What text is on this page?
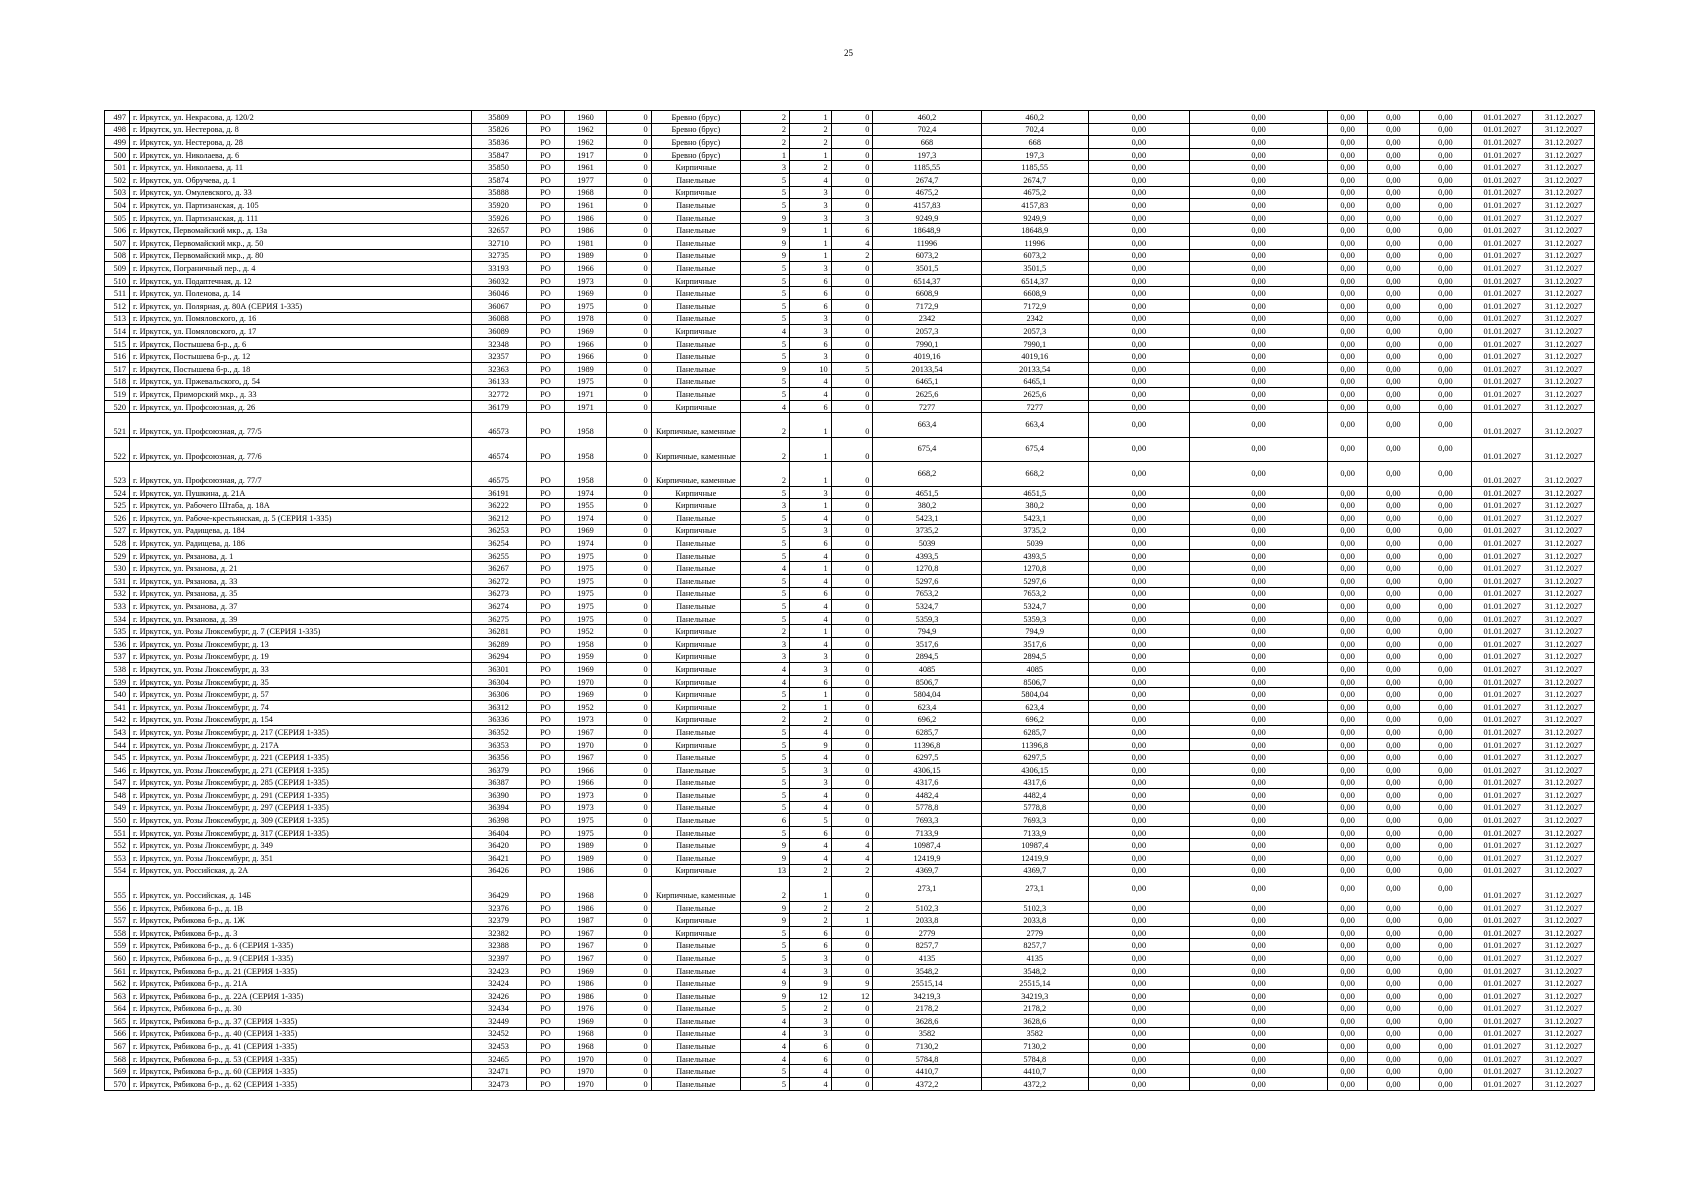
25
497	г. Иркутск, ул. Некрасова, д. 120/2	35809	РО	1960	0	Бревно (брус)	2	1	0	460,2	460,2	0,00	0,00	0,00	0,00	0,00	01.01.2027	31.12.2027
498	г. Иркутск, ул. Нестерова, д. 8	35826	РО	1962	0	Бревно (брус)	2	2	0	702,4	702,4	0,00	0,00	0,00	0,00	0,00	01.01.2027	31.12.2027
499	г. Иркутск, ул. Нестерова, д. 28	35836	РО	1962	0	Бревно (брус)	2	2	0	668	668	0,00	0,00	0,00	0,00	0,00	01.01.2027	31.12.2027
500	г. Иркутск, ул. Николаева, д. 6	35847	РО	1917	0	Бревно (брус)	1	1	0	197,3	197,3	0,00	0,00	0,00	0,00	0,00	01.01.2027	31.12.2027
501	г. Иркутск, ул. Николаева, д. 11	35850	РО	1961	0	Кирпичные	3	2	0	1185,55	1185,55	0,00	0,00	0,00	0,00	0,00	01.01.2027	31.12.2027
502	г. Иркутск, ул. Обручева, д. 1	35874	РО	1977	0	Панельные	5	4	0	2674,7	2674,7	0,00	0,00	0,00	0,00	0,00	01.01.2027	31.12.2027
503	г. Иркутск, ул. Омулевского, д. 33	35888	РО	1968	0	Кирпичные	5	3	0	4675,2	4675,2	0,00	0,00	0,00	0,00	0,00	01.01.2027	31.12.2027
504	г. Иркутск, ул. Партизанская, д. 105	35920	РО	1961	0	Панельные	5	3	0	4157,83	4157,83	0,00	0,00	0,00	0,00	0,00	01.01.2027	31.12.2027
505	г. Иркутск, ул. Партизанская, д. 111	35926	РО	1986	0	Панельные	9	3	3	9249,9	9249,9	0,00	0,00	0,00	0,00	0,00	01.01.2027	31.12.2027
506	г. Иркутск, Первомайский мкр., д. 13а	32657	РО	1986	0	Панельные	9	1	6	18648,9	18648,9	0,00	0,00	0,00	0,00	0,00	01.01.2027	31.12.2027
507	г. Иркутск, Первомайский мкр., д. 50	32710	РО	1981	0	Панельные	9	1	4	11996	11996	0,00	0,00	0,00	0,00	0,00	01.01.2027	31.12.2027
508	г. Иркутск, Первомайский мкр., д. 80	32735	РО	1989	0	Панельные	9	1	2	6073,2	6073,2	0,00	0,00	0,00	0,00	0,00	01.01.2027	31.12.2027
509	г. Иркутск, Пограничный пер., д. 4	33193	РО	1966	0	Панельные	5	3	0	3501,5	3501,5	0,00	0,00	0,00	0,00	0,00	01.01.2027	31.12.2027
510	г. Иркутск, ул. Подаптечная, д. 12	36032	РО	1973	0	Кирпичные	5	6	0	6514,37	6514,37	0,00	0,00	0,00	0,00	0,00	01.01.2027	31.12.2027
511	г. Иркутск, ул. Поленова, д. 14	36046	РО	1969	0	Панельные	5	6	0	6608,9	6608,9	0,00	0,00	0,00	0,00	0,00	01.01.2027	31.12.2027
512	г. Иркутск, ул. Полярная, д. 80А (СЕРИЯ 1-335)	36067	РО	1975	0	Панельные	5	6	0	7172,9	7172,9	0,00	0,00	0,00	0,00	0,00	01.01.2027	31.12.2027
513	г. Иркутск, ул. Помяловского, д. 16	36088	РО	1978	0	Панельные	5	3	0	2342	2342	0,00	0,00	0,00	0,00	0,00	01.01.2027	31.12.2027
514	г. Иркутск, ул. Помяловского, д. 17	36089	РО	1969	0	Кирпичные	4	3	0	2057,3	2057,3	0,00	0,00	0,00	0,00	0,00	01.01.2027	31.12.2027
515	г. Иркутск, Постышева б-р., д. 6	32348	РО	1966	0	Панельные	5	6	0	7990,1	7990,1	0,00	0,00	0,00	0,00	0,00	01.01.2027	31.12.2027
516	г. Иркутск, Постышева б-р., д. 12	32357	РО	1966	0	Панельные	5	3	0	4019,16	4019,16	0,00	0,00	0,00	0,00	0,00	01.01.2027	31.12.2027
517	г. Иркутск, Постышева б-р., д. 18	32363	РО	1989	0	Панельные	9	10	5	20133,54	20133,54	0,00	0,00	0,00	0,00	0,00	01.01.2027	31.12.2027
518	г. Иркутск, ул. Пржевальского, д. 54	36133	РО	1975	0	Панельные	5	4	0	6465,1	6465,1	0,00	0,00	0,00	0,00	0,00	01.01.2027	31.12.2027
519	г. Иркутск, Приморский мкр., д. 33	32772	РО	1971	0	Панельные	5	4	0	2625,6	2625,6	0,00	0,00	0,00	0,00	0,00	01.01.2027	31.12.2027
520	г. Иркутск, ул. Профсоюзная, д. 26	36179	РО	1971	0	Кирпичные	4	6	0	7277	7277	0,00	0,00	0,00	0,00	0,00	01.01.2027	31.12.2027
521	г. Иркутск, ул. Профсоюзная, д. 77/5	46573	РО	1958	0	Кирпичные, каменные	2	1	0	663,4	663,4	0,00	0,00	0,00	0,00	0,00	01.01.2027	31.12.2027
522	г. Иркутск, ул. Профсоюзная, д. 77/6	46574	РО	1958	0	Кирпичные, каменные	2	1	0	675,4	675,4	0,00	0,00	0,00	0,00	0,00	01.01.2027	31.12.2027
523	г. Иркутск, ул. Профсоюзная, д. 77/7	46575	РО	1958	0	Кирпичные, каменные	2	1	0	668,2	668,2	0,00	0,00	0,00	0,00	0,00	01.01.2027	31.12.2027
524	г. Иркутск, ул. Пушкина, д. 21А	36191	РО	1974	0	Кирпичные	5	3	0	4651,5	4651,5	0,00	0,00	0,00	0,00	0,00	01.01.2027	31.12.2027
525	г. Иркутск, ул. Рабочего Штаба, д. 18А	36222	РО	1955	0	Кирпичные	3	1	0	380,2	380,2	0,00	0,00	0,00	0,00	0,00	01.01.2027	31.12.2027
526	г. Иркутск, ул. Рабоче-крестьянская, д. 5 (СЕРИЯ 1-335)	36212	РО	1974	0	Панельные	5	4	0	5423,1	5423,1	0,00	0,00	0,00	0,00	0,00	01.01.2027	31.12.2027
527	г. Иркутск, ул. Радищева, д. 184	36253	РО	1969	0	Кирпичные	5	3	0	3735,2	3735,2	0,00	0,00	0,00	0,00	0,00	01.01.2027	31.12.2027
528	г. Иркутск, ул. Радищева, д. 186	36254	РО	1974	0	Панельные	5	6	0	5039	5039	0,00	0,00	0,00	0,00	0,00	01.01.2027	31.12.2027
529	г. Иркутск, ул. Рязанова, д. 1	36255	РО	1975	0	Панельные	5	4	0	4393,5	4393,5	0,00	0,00	0,00	0,00	0,00	01.01.2027	31.12.2027
530	г. Иркутск, ул. Рязанова, д. 21	36267	РО	1975	0	Панельные	4	1	0	1270,8	1270,8	0,00	0,00	0,00	0,00	0,00	01.01.2027	31.12.2027
531	г. Иркутск, ул. Рязанова, д. 33	36272	РО	1975	0	Панельные	5	4	0	5297,6	5297,6	0,00	0,00	0,00	0,00	0,00	01.01.2027	31.12.2027
532	г. Иркутск, ул. Рязанова, д. 35	36273	РО	1975	0	Панельные	5	6	0	7653,2	7653,2	0,00	0,00	0,00	0,00	0,00	01.01.2027	31.12.2027
533	г. Иркутск, ул. Рязанова, д. 37	36274	РО	1975	0	Панельные	5	4	0	5324,7	5324,7	0,00	0,00	0,00	0,00	0,00	01.01.2027	31.12.2027
534	г. Иркутск, ул. Рязанова, д. 39	36275	РО	1975	0	Панельные	5	4	0	5359,3	5359,3	0,00	0,00	0,00	0,00	0,00	01.01.2027	31.12.2027
535	г. Иркутск, ул. Розы Люксембург, д. 7 (СЕРИЯ 1-335)	36281	РО	1952	0	Кирпичные	2	1	0	794,9	794,9	0,00	0,00	0,00	0,00	0,00	01.01.2027	31.12.2027
536	г. Иркутск, ул. Розы Люксембург, д. 13	36289	РО	1958	0	Кирпичные	3	4	0	3517,6	3517,6	0,00	0,00	0,00	0,00	0,00	01.01.2027	31.12.2027
537	г. Иркутск, ул. Розы Люксембург, д. 19	36294	РО	1959	0	Кирпичные	3	3	0	2894,5	2894,5	0,00	0,00	0,00	0,00	0,00	01.01.2027	31.12.2027
538	г. Иркутск, ул. Розы Люксембург, д. 33	36301	РО	1969	0	Кирпичные	4	3	0	4085	4085	0,00	0,00	0,00	0,00	0,00	01.01.2027	31.12.2027
539	г. Иркутск, ул. Розы Люксембург, д. 35	36304	РО	1970	0	Кирпичные	4	6	0	8506,7	8506,7	0,00	0,00	0,00	0,00	0,00	01.01.2027	31.12.2027
540	г. Иркутск, ул. Розы Люксембург, д. 57	36306	РО	1969	0	Кирпичные	5	1	0	5804,04	5804,04	0,00	0,00	0,00	0,00	0,00	01.01.2027	31.12.2027
541	г. Иркутск, ул. Розы Люксембург, д. 74	36312	РО	1952	0	Кирпичные	2	1	0	623,4	623,4	0,00	0,00	0,00	0,00	0,00	01.01.2027	31.12.2027
542	г. Иркутск, ул. Розы Люксембург, д. 154	36336	РО	1973	0	Кирпичные	2	2	0	696,2	696,2	0,00	0,00	0,00	0,00	0,00	01.01.2027	31.12.2027
543	г. Иркутск, ул. Розы Люксембург, д. 217 (СЕРИЯ 1-335)	36352	РО	1967	0	Панельные	5	4	0	6285,7	6285,7	0,00	0,00	0,00	0,00	0,00	01.01.2027	31.12.2027
544	г. Иркутск, ул. Розы Люксембург, д. 217А	36353	РО	1970	0	Кирпичные	5	9	0	11396,8	11396,8	0,00	0,00	0,00	0,00	0,00	01.01.2027	31.12.2027
545	г. Иркутск, ул. Розы Люксембург, д. 221 (СЕРИЯ 1-335)	36356	РО	1967	0	Панельные	5	4	0	6297,5	6297,5	0,00	0,00	0,00	0,00	0,00	01.01.2027	31.12.2027
546	г. Иркутск, ул. Розы Люксембург, д. 271 (СЕРИЯ 1-335)	36379	РО	1966	0	Панельные	5	3	0	4306,15	4306,15	0,00	0,00	0,00	0,00	0,00	01.01.2027	31.12.2027
547	г. Иркутск, ул. Розы Люксембург, д. 285 (СЕРИЯ 1-335)	36387	РО	1966	0	Панельные	5	3	0	4317,6	4317,6	0,00	0,00	0,00	0,00	0,00	01.01.2027	31.12.2027
548	г. Иркутск, ул. Розы Люксембург, д. 291 (СЕРИЯ 1-335)	36390	РО	1973	0	Панельные	5	4	0	4482,4	4482,4	0,00	0,00	0,00	0,00	0,00	01.01.2027	31.12.2027
549	г. Иркутск, ул. Розы Люксембург, д. 297 (СЕРИЯ 1-335)	36394	РО	1973	0	Панельные	5	4	0	5778,8	5778,8	0,00	0,00	0,00	0,00	0,00	01.01.2027	31.12.2027
550	г. Иркутск, ул. Розы Люксембург, д. 309 (СЕРИЯ 1-335)	36398	РО	1975	0	Панельные	6	5	0	7693,3	7693,3	0,00	0,00	0,00	0,00	0,00	01.01.2027	31.12.2027
551	г. Иркутск, ул. Розы Люксембург, д. 317 (СЕРИЯ 1-335)	36404	РО	1975	0	Панельные	5	6	0	7133,9	7133,9	0,00	0,00	0,00	0,00	0,00	01.01.2027	31.12.2027
552	г. Иркутск, ул. Розы Люксембург, д. 349	36420	РО	1989	0	Панельные	9	4	4	10987,4	10987,4	0,00	0,00	0,00	0,00	0,00	01.01.2027	31.12.2027
553	г. Иркутск, ул. Розы Люксембург, д. 351	36421	РО	1989	0	Панельные	9	4	4	12419,9	12419,9	0,00	0,00	0,00	0,00	0,00	01.01.2027	31.12.2027
554	г. Иркутск, ул. Российская, д. 2А	36426	РО	1986	0	Кирпичные	13	2	2	4369,7	4369,7	0,00	0,00	0,00	0,00	0,00	01.01.2027	31.12.2027
555	г. Иркутск, ул. Российская, д. 14Б	36429	РО	1968	0	Кирпичные, каменные	2	1	0	273,1	273,1	0,00	0,00	0,00	0,00	0,00	01.01.2027	31.12.2027
556	г. Иркутск, Рябикова б-р., д. 1В	32376	РО	1986	0	Панельные	9	2	2	5102,3	5102,3	0,00	0,00	0,00	0,00	0,00	01.01.2027	31.12.2027
557	г. Иркутск, Рябикова б-р., д. 1Ж	32379	РО	1987	0	Кирпичные	9	2	1	2033,8	2033,8	0,00	0,00	0,00	0,00	0,00	01.01.2027	31.12.2027
558	г. Иркутск, Рябикова б-р., д. 3	32382	РО	1967	0	Кирпичные	5	6	0	2779	2779	0,00	0,00	0,00	0,00	0,00	01.01.2027	31.12.2027
559	г. Иркутск, Рябикова б-р., д. 6 (СЕРИЯ 1-335)	32388	РО	1967	0	Панельные	5	6	0	8257,7	8257,7	0,00	0,00	0,00	0,00	0,00	01.01.2027	31.12.2027
560	г. Иркутск, Рябикова б-р., д. 9 (СЕРИЯ 1-335)	32397	РО	1967	0	Панельные	5	3	0	4135	4135	0,00	0,00	0,00	0,00	0,00	01.01.2027	31.12.2027
561	г. Иркутск, Рябикова б-р., д. 21 (СЕРИЯ 1-335)	32423	РО	1969	0	Панельные	4	3	0	3548,2	3548,2	0,00	0,00	0,00	0,00	0,00	01.01.2027	31.12.2027
562	г. Иркутск, Рябикова б-р., д. 21А	32424	РО	1986	0	Панельные	9	9	9	25515,14	25515,14	0,00	0,00	0,00	0,00	0,00	01.01.2027	31.12.2027
563	г. Иркутск, Рябикова б-р., д. 22А (СЕРИЯ 1-335)	32426	РО	1986	0	Панельные	9	12	12	34219,3	34219,3	0,00	0,00	0,00	0,00	0,00	01.01.2027	31.12.2027
564	г. Иркутск, Рябикова б-р., д. 30	32434	РО	1976	0	Панельные	5	2	0	2178,2	2178,2	0,00	0,00	0,00	0,00	0,00	01.01.2027	31.12.2027
565	г. Иркутск, Рябикова б-р., д. 37 (СЕРИЯ 1-335)	32449	РО	1969	0	Панельные	4	3	0	3628,6	3628,6	0,00	0,00	0,00	0,00	0,00	01.01.2027	31.12.2027
566	г. Иркутск, Рябикова б-р., д. 40 (СЕРИЯ 1-335)	32452	РО	1968	0	Панельные	4	3	0	3582	3582	0,00	0,00	0,00	0,00	0,00	01.01.2027	31.12.2027
567	г. Иркутск, Рябикова б-р., д. 41 (СЕРИЯ 1-335)	32453	РО	1968	0	Панельные	4	6	0	7130,2	7130,2	0,00	0,00	0,00	0,00	0,00	01.01.2027	31.12.2027
568	г. Иркутск, Рябикова б-р., д. 53 (СЕРИЯ 1-335)	32465	РО	1970	0	Панельные	4	6	0	5784,8	5784,8	0,00	0,00	0,00	0,00	0,00	01.01.2027	31.12.2027
569	г. Иркутск, Рябикова б-р., д. 60 (СЕРИЯ 1-335)	32471	РО	1970	0	Панельные	5	4	0	4410,7	4410,7	0,00	0,00	0,00	0,00	0,00	01.01.2027	31.12.2027
570	г. Иркутск, Рябикова б-р., д. 62 (СЕРИЯ 1-335)	32473	РО	1970	0	Панельные	5	4	0	4372,2	4372,2	0,00	0,00	0,00	0,00	0,00	01.01.2027	31.12.2027
